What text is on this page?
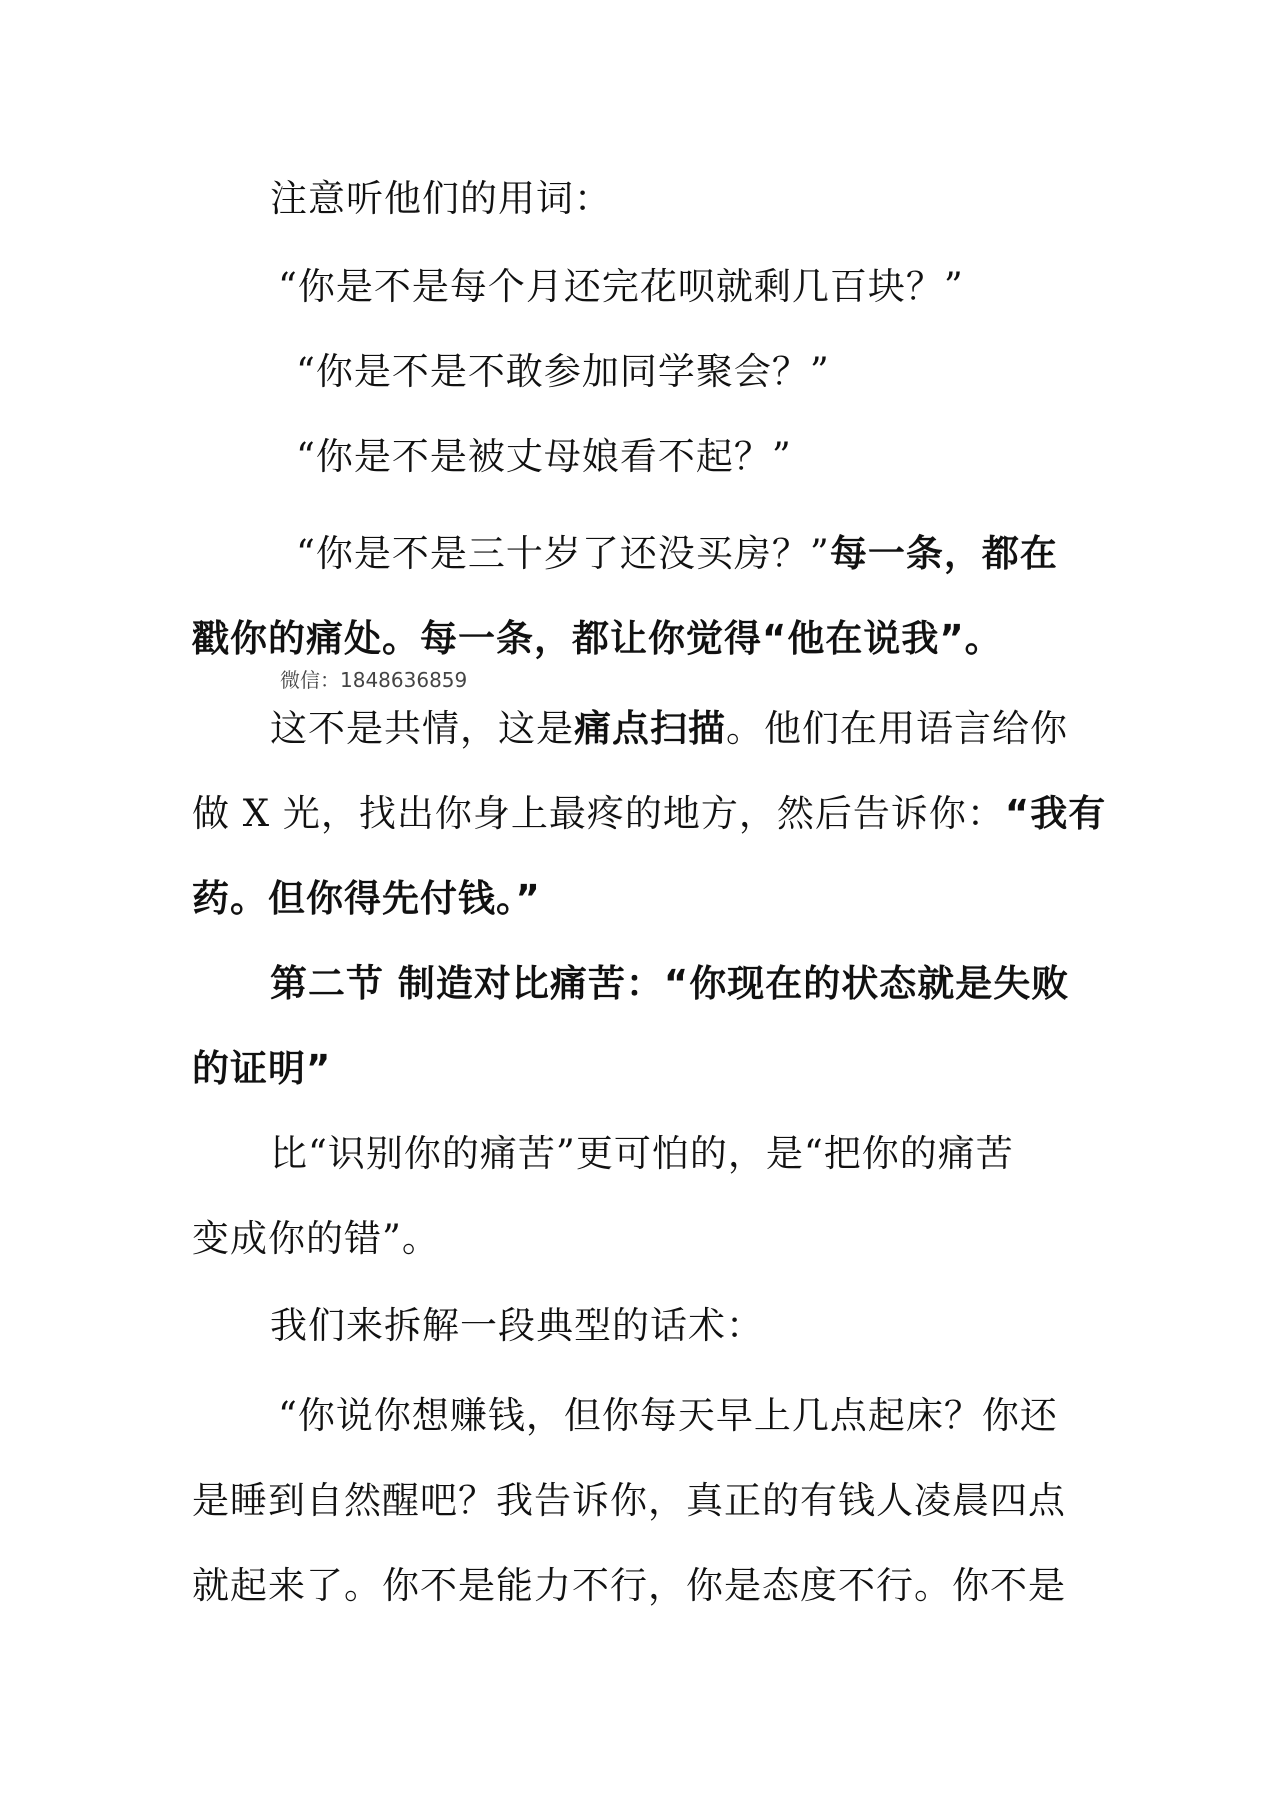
注意听他们的用词：
“你是不是每个月还完花呗就剩几百块？”
“你是不是不敢参加同学聚会？”
“你是不是被丈母娘看不起？”
“你是不是三十岁了还没买房？”每一条，都在
戳你的痛处。每一条，都让你觉得“他在说我”。
微信：1848636859
这不是共情，这是痛点扫描。他们在用语言给你
做 X 光，找出你身上最疼的地方，然后告诉你：“我有
药。但你得先付钱。”
第二节 制造对比痛苦：“你现在的状态就是失败
的证明”
比“识别你的痛苦”更可怕的，是“把你的痛苦
变成你的错”。
我们来拆解一段典型的话术：
“你说你想赚钱，但你每天早上几点起床？你还
是睡到自然醒吧？我告诉你，真正的有钱人凌晨四点
就起来了。你不是能力不行，你是态度不行。你不是
